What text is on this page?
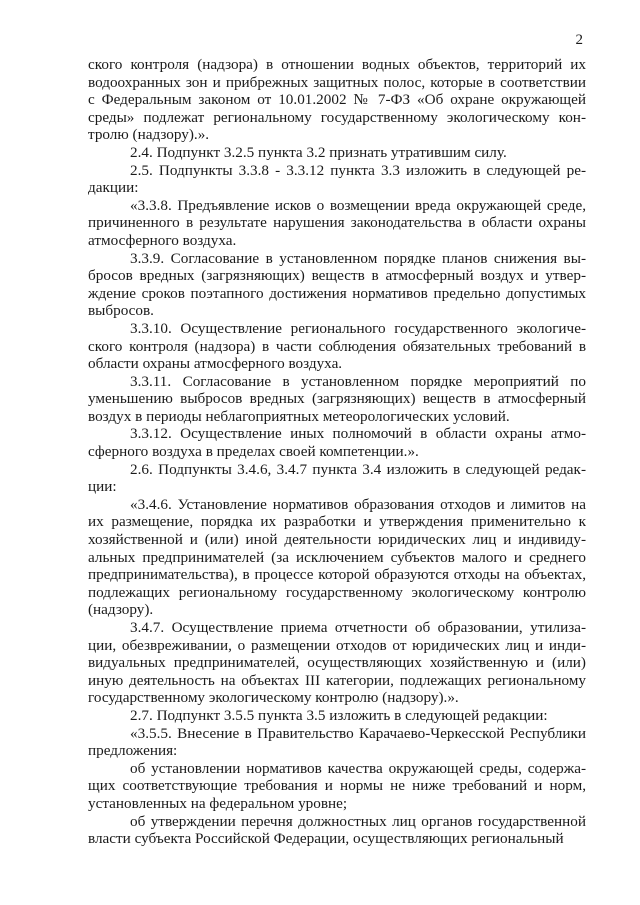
2

ского контроля (надзора) в отношении водных объектов, территорий их водоохранных зон и прибрежных защитных полос, которые в соответствии с Федеральным законом от 10.01.2002 № 7-ФЗ «Об охране окружающей среды» подлежат региональному государственному экологическому контролю (надзору).».

2.4. Подпункт 3.2.5 пункта 3.2 признать утратившим силу.

2.5. Подпункты 3.3.8 - 3.3.12 пункта 3.3 изложить в следующей редакции:

«3.3.8. Предъявление исков о возмещении вреда окружающей среде, причиненного в результате нарушения законодательства в области охраны атмосферного воздуха.

3.3.9. Согласование в установленном порядке планов снижения выбросов вредных (загрязняющих) веществ в атмосферный воздух и утверждение сроков поэтапного достижения нормативов предельно допустимых выбросов.

3.3.10. Осуществление регионального государственного экологического контроля (надзора) в части соблюдения обязательных требований в области охраны атмосферного воздуха.

3.3.11. Согласование в установленном порядке мероприятий по уменьшению выбросов вредных (загрязняющих) веществ в атмосферный воздух в периоды неблагоприятных метеорологических условий.

3.3.12. Осуществление иных полномочий в области охраны атмосферного воздуха в пределах своей компетенции.».

2.6. Подпункты 3.4.6, 3.4.7 пункта 3.4 изложить в следующей редакции:

«3.4.6. Установление нормативов образования отходов и лимитов на их размещение, порядка их разработки и утверждения применительно к хозяйственной и (или) иной деятельности юридических лиц и индивидуальных предпринимателей (за исключением субъектов малого и среднего предпринимательства), в процессе которой образуются отходы на объектах, подлежащих региональному государственному экологическому контролю (надзору).

3.4.7. Осуществление приема отчетности об образовании, утилизации, обезвреживании, о размещении отходов от юридических лиц и индивидуальных предпринимателей, осуществляющих хозяйственную и (или) иную деятельность на объектах III категории, подлежащих региональному государственному экологическому контролю (надзору).».

2.7. Подпункт 3.5.5 пункта 3.5 изложить в следующей редакции:

«3.5.5. Внесение в Правительство Карачаево-Черкесской Республики предложения:

об установлении нормативов качества окружающей среды, содержащих соответствующие требования и нормы не ниже требований и норм, установленных на федеральном уровне;

об утверждении перечня должностных лиц органов государственной власти субъекта Российской Федерации, осуществляющих региональный
